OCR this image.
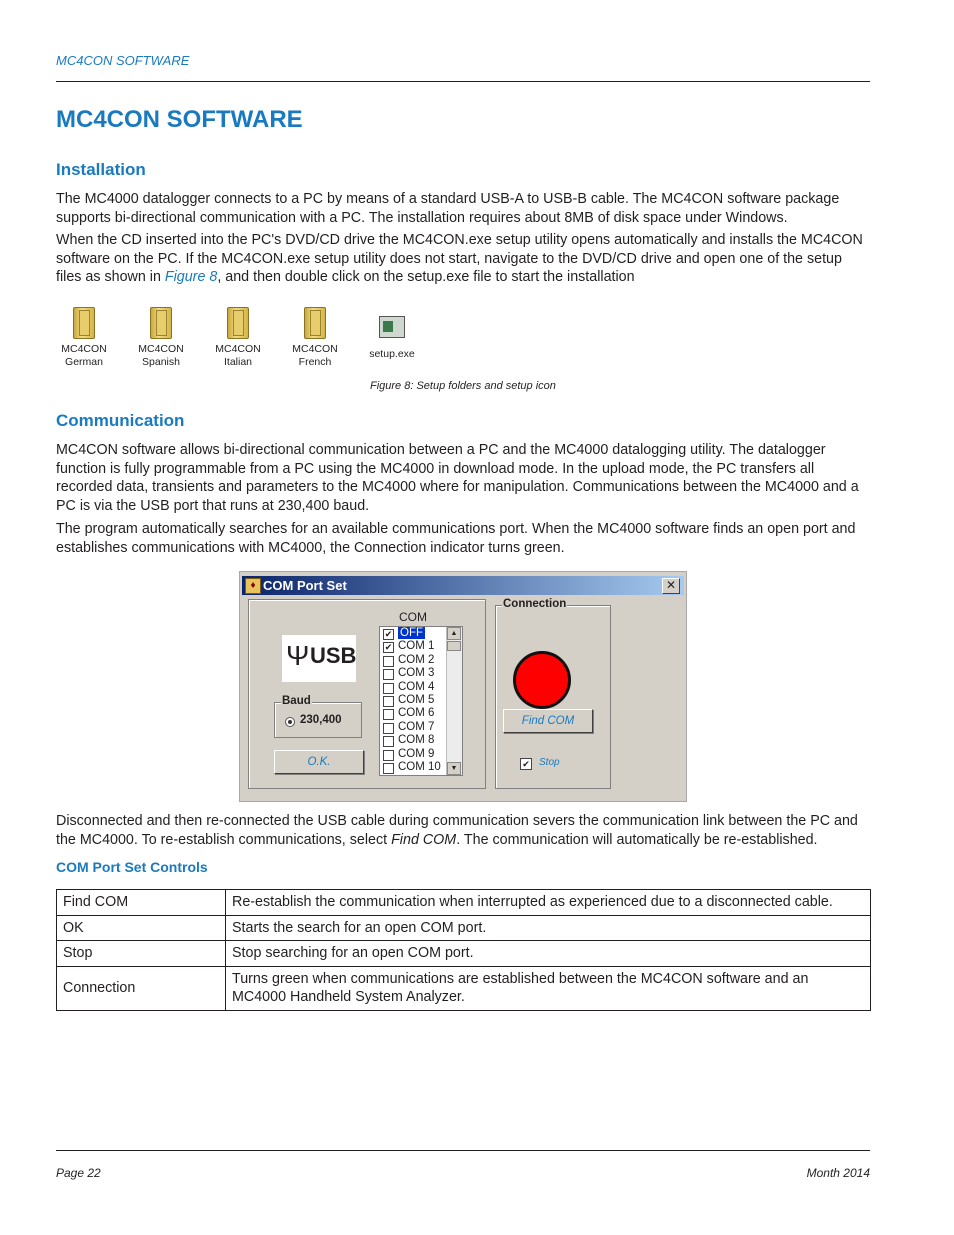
MC4CON SOFTWARE
MC4CON SOFTWARE
Installation

The MC4000 datalogger connects to a PC by means of a standard USB-A to USB-B cable. The MC4CON software package supports bi-directional communication with a PC. The installation requires about 8MB of disk space under Windows.

When the CD inserted into the PC's DVD/CD drive the MC4CON.exe setup utility opens automatically and installs the MC4CON software on the PC. If the MC4CON.exe setup utility does not start, navigate to the DVD/CD drive and open one of the setup files as shown in Figure 8, and then double click on the setup.exe file to start the installation

MC4CON
German
MC4CON
Spanish
MC4CON
Italian
MC4CON
French
setup.exe
Figure 8: Setup folders and setup icon
Communication

MC4CON software allows bi-directional communication between a PC and the MC4000 datalogging utility. The datalogger function is fully programmable from a PC using the MC4000 in download mode. In the upload mode, the PC transfers all recorded data, transients and parameters to the MC4000 where for manipulation. Communications between the MC4000 and a PC is via the USB port that runs at 230,400 baud.

The program automatically searches for an available communications port. When the MC4000 software finds an open port and establishes communications with MC4000, the Connection indicator turns green.

♦ COM Port Set	✕
Ψ USB
Baud
230,400
O.K.
COM
✔ OFF
✔ COM 1
COM 2
COM 3
COM 4
COM 5
COM 6
COM 7
COM 8
COM 9
COM 10
▲
▼
Connection
Find COM
✔ Stop

Disconnected and then re-connected the USB cable during communication severs the communication link between the PC and the MC4000. To re-establish communications, select Find COM. The communication will automatically be re-established.

COM Port Set Controls
Find COM	Re-establish the communication when interrupted as experienced due to a disconnected cable.
OK	Starts the search for an open COM port.
Stop	Stop searching for an open COM port.
Connection	Turns green when communications are established between the MC4CON software and an MC4000 Handheld System Analyzer.
Page 22	Month 2014
